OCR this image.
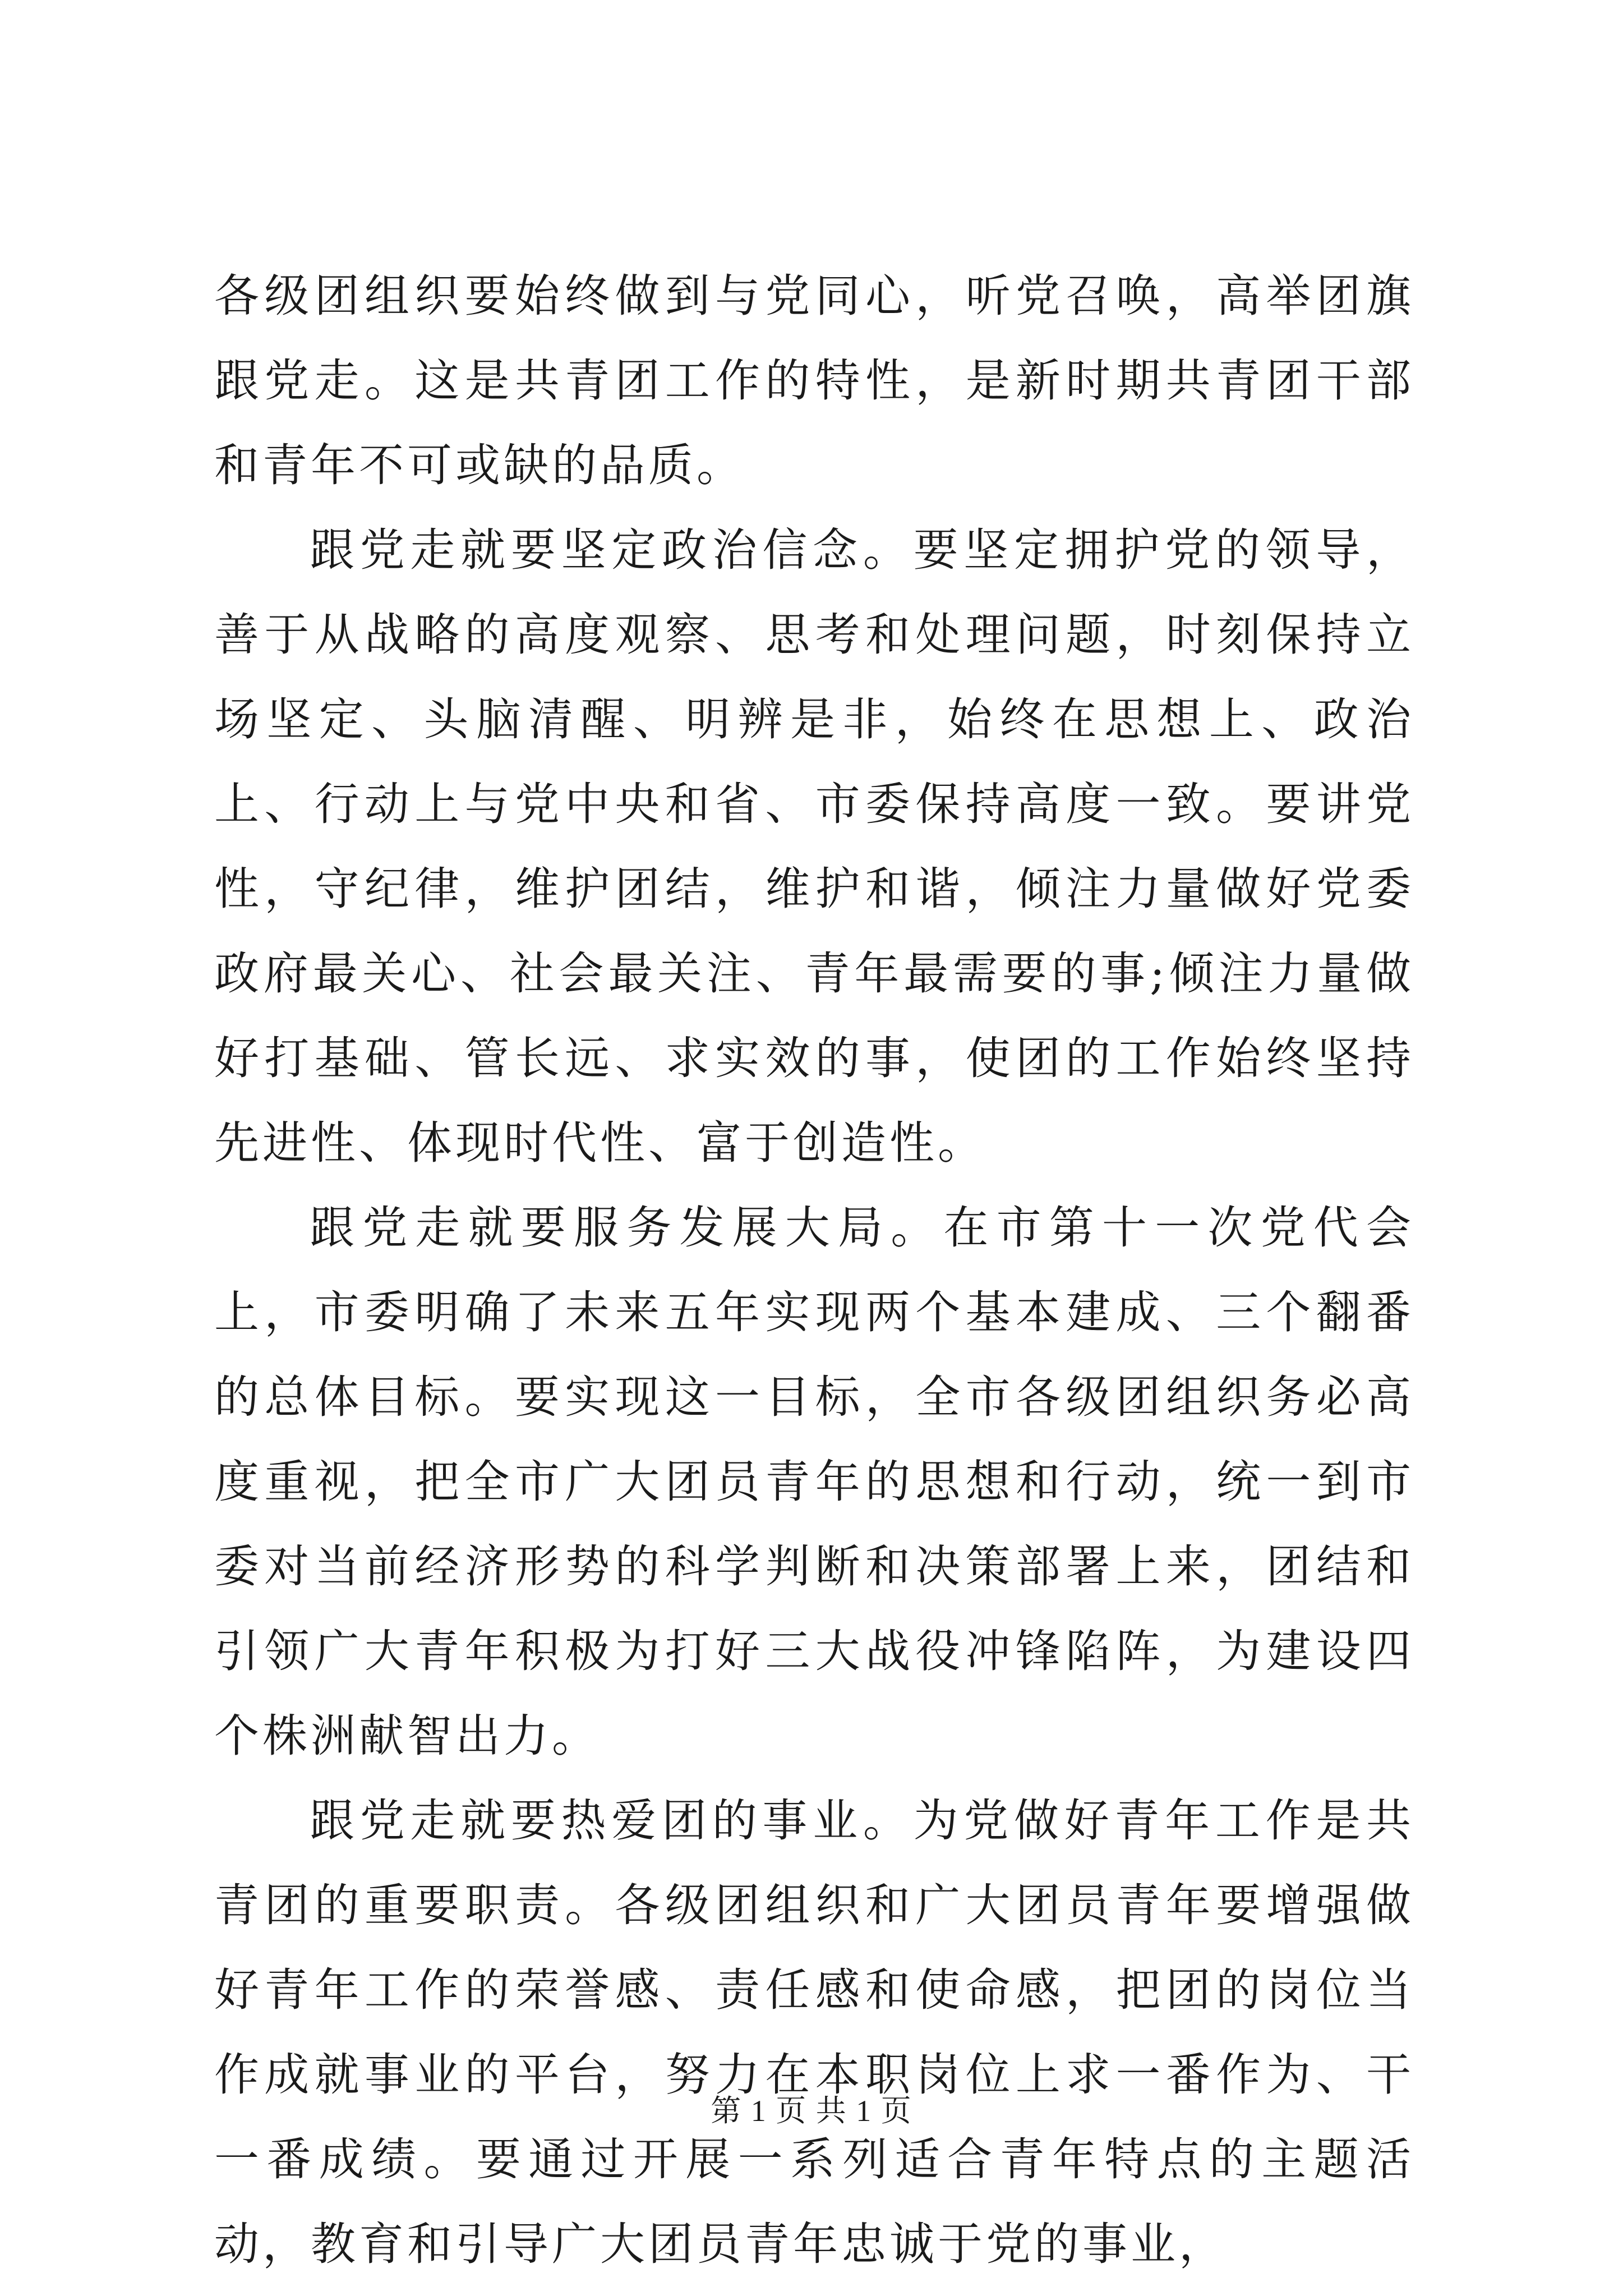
各级团组织要始终做到与党同心，听党召唤，高举团旗跟党走。这是共青团工作的特性，是新时期共青团干部和青年不可或缺的品质。

跟党走就要坚定政治信念。要坚定拥护党的领导，善于从战略的高度观察、思考和处理问题，时刻保持立场坚定、头脑清醒、明辨是非，始终在思想上、政治上、行动上与党中央和省、市委保持高度一致。要讲党性，守纪律，维护团结，维护和谐，倾注力量做好党委政府最关心、社会最关注、青年最需要的事;倾注力量做好打基础、管长远、求实效的事，使团的工作始终坚持先进性、体现时代性、富于创造性。

跟党走就要服务发展大局。在市第十一次党代会上，市委明确了未来五年实现两个基本建成、三个翻番的总体目标。要实现这一目标，全市各级团组织务必高度重视，把全市广大团员青年的思想和行动，统一到市委对当前经济形势的科学判断和决策部署上来，团结和引领广大青年积极为打好三大战役冲锋陷阵，为建设四个株洲献智出力。

跟党走就要热爱团的事业。为党做好青年工作是共青团的重要职责。各级团组织和广大团员青年要增强做好青年工作的荣誉感、责任感和使命感，把团的岗位当作成就事业的平台，努力在本职岗位上求一番作为、干一番成绩。要通过开展一系列适合青年特点的主题活动，教育和引导广大团员青年忠诚于党的事业，

第 1 页 共 1 页
